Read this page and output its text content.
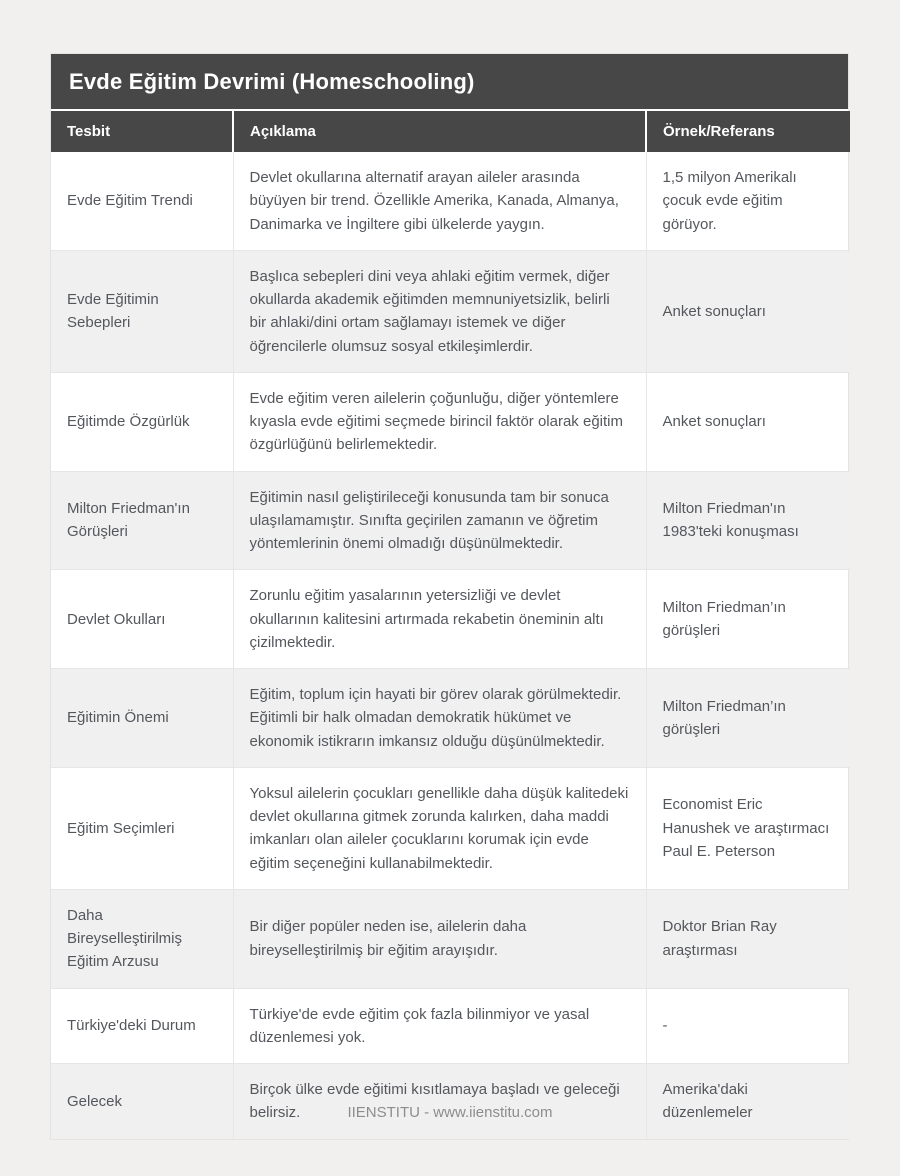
Evde Eğitim Devrimi (Homeschooling)
Tesbit	Açıklama	Örnek/Referans
Evde Eğitim Trendi	Devlet okullarına alternatif arayan aileler arasında büyüyen bir trend. Özellikle Amerika, Kanada, Almanya, Danimarka ve İngiltere gibi ülkelerde yaygın.	1,5 milyon Amerikalı çocuk evde eğitim görüyor.
Evde Eğitimin Sebepleri	Başlıca sebepleri dini veya ahlaki eğitim vermek, diğer okullarda akademik eğitimden memnuniyetsizlik, belirli bir ahlaki/dini ortam sağlamayı istemek ve diğer öğrencilerle olumsuz sosyal etkileşimlerdir.	Anket sonuçları
Eğitimde Özgürlük	Evde eğitim veren ailelerin çoğunluğu, diğer yöntemlere kıyasla evde eğitimi seçmede birincil faktör olarak eğitim özgürlüğünü belirlemektedir.	Anket sonuçları
Milton Friedman'ın Görüşleri	Eğitimin nasıl geliştirileceği konusunda tam bir sonuca ulaşılamamıştır. Sınıfta geçirilen zamanın ve öğretim yöntemlerinin önemi olmadığı düşünülmektedir.	Milton Friedman'ın 1983'teki konuşması
Devlet Okulları	Zorunlu eğitim yasalarının yetersizliği ve devlet okullarının kalitesini artırmada rekabetin öneminin altı çizilmektedir.	Milton Friedman’ın görüşleri
Eğitimin Önemi	Eğitim, toplum için hayati bir görev olarak görülmektedir. Eğitimli bir halk olmadan demokratik hükümet ve ekonomik istikrarın imkansız olduğu düşünülmektedir.	Milton Friedman’ın görüşleri
Eğitim Seçimleri	Yoksul ailelerin çocukları genellikle daha düşük kalitedeki devlet okullarına gitmek zorunda kalırken, daha maddi imkanları olan aileler çocuklarını korumak için evde eğitim seçeneğini kullanabilmektedir.	Economist Eric Hanushek ve araştırmacı Paul E. Peterson
Daha Bireyselleştirilmiş Eğitim Arzusu	Bir diğer popüler neden ise, ailelerin daha bireyselleştirilmiş bir eğitim arayışıdır.	Doktor Brian Ray araştırması
Türkiye'deki Durum	Türkiye'de evde eğitim çok fazla bilinmiyor ve yasal düzenlemesi yok.	-
Gelecek	Birçok ülke evde eğitimi kısıtlamaya başladı ve geleceği belirsiz.	Amerika'daki düzenlemeler
IIENSTITU - www.iienstitu.com
